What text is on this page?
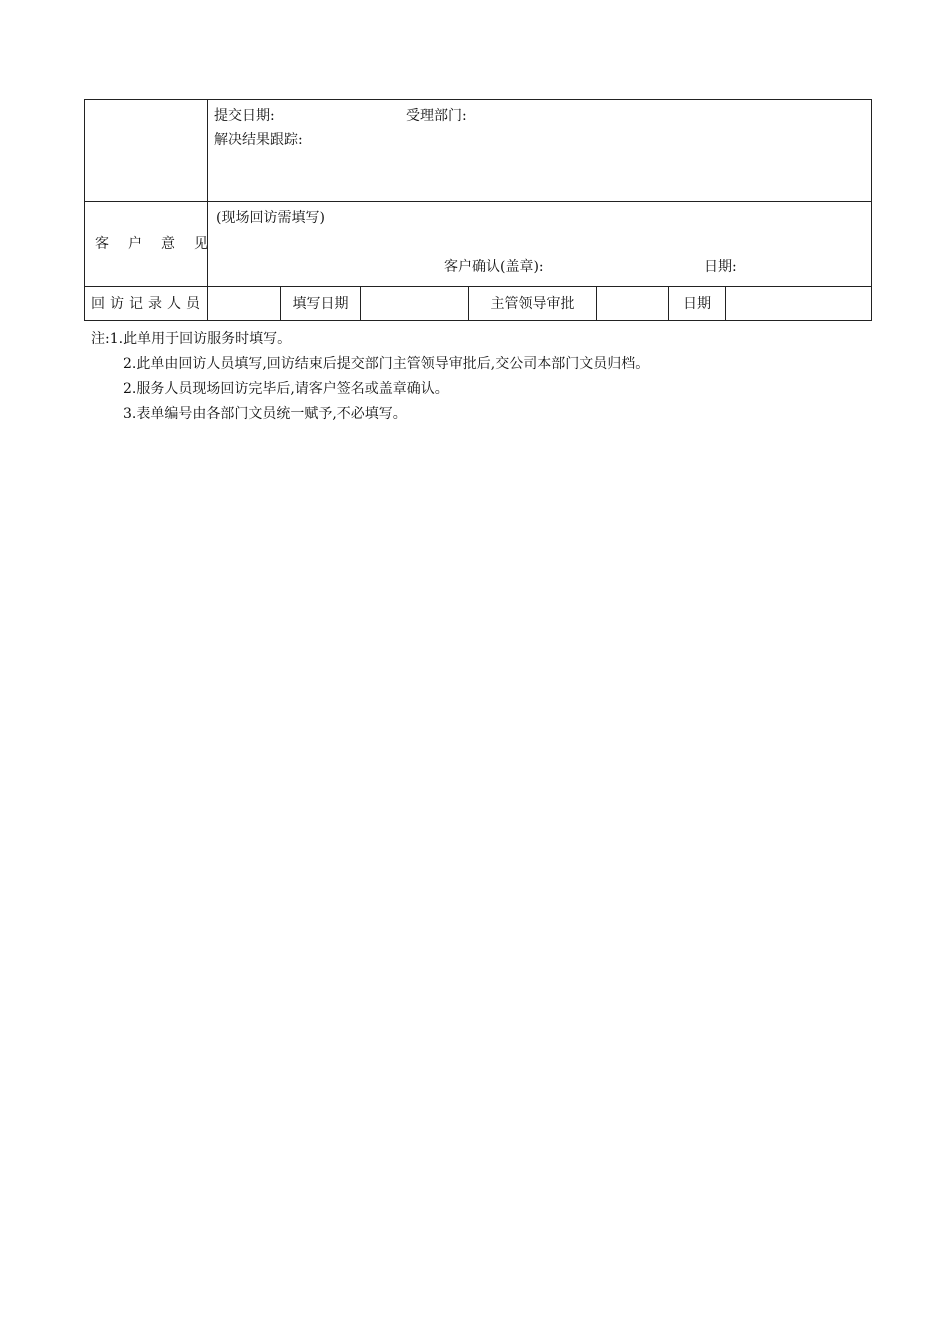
	提交日期: 受理部门:
解决结果跟踪:						

客户意见	(现场回访需填写)
客户确认(盖章): 日期:						

回访记录人员		填写日期		主管领导审批		日期	
注:1.此单用于回访服务时填写。
2.此单由回访人员填写,回访结束后提交部门主管领导审批后,交公司本部门文员归档。
2.服务人员现场回访完毕后,请客户签名或盖章确认。
3.表单编号由各部门文员统一赋予,不必填写。
